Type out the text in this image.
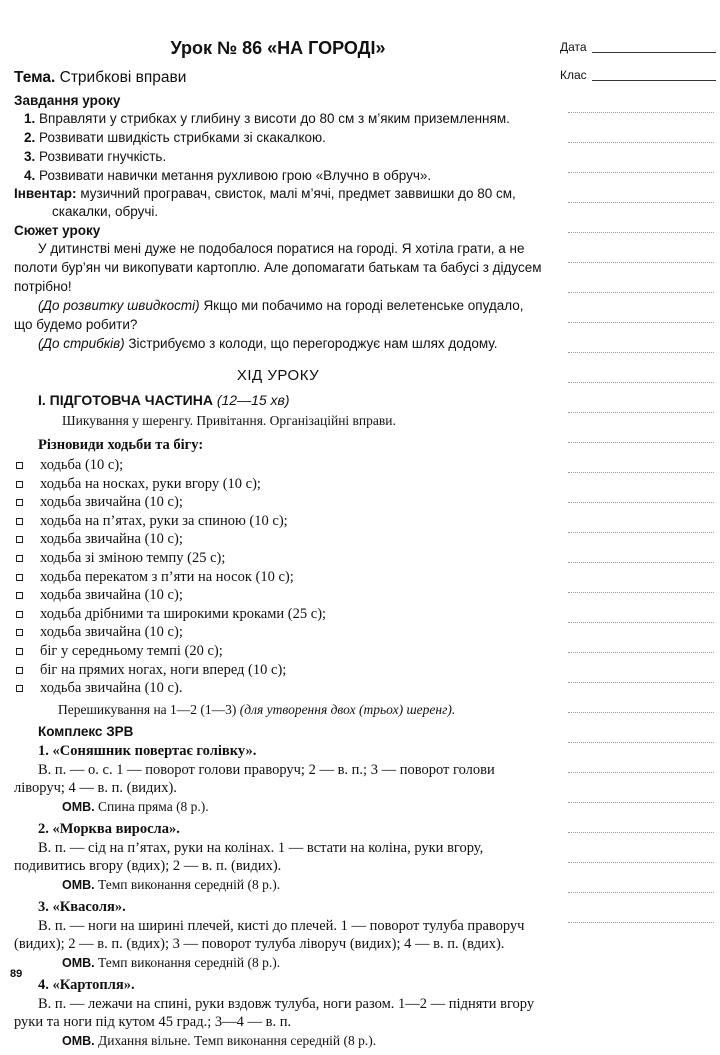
Урок № 86 «НА ГОРОДІ»
Тема. Стрибкові вправи
Завдання уроку
1. Вправляти у стрибках у глибину з висоти до 80 см з м’яким приземленням.
2. Розвивати швидкість стрибками зі скакалкою.
3. Розвивати гнучкість.
4. Розвивати навички метання рухливою грою «Влучно в обруч».
Інвентар: музичний програвач, свисток, малі м’ячі, предмет заввишки до 80 см, скакалки, обручі.
Сюжет уроку

У дитинстві мені дуже не подобалося поратися на городі. Я хотіла грати, а не полоти бур’ян чи викопувати картоплю. Але допомагати батькам та бабусі з дідусем потрібно!

(До розвитку швидкості) Якщо ми побачимо на городі велетенське опудало, що будемо робити?

(До стрибків) Зістрибуємо з колоди, що перегороджує нам шлях додому.

ХІД УРОКУ
І. ПІДГОТОВЧА ЧАСТИНА (12—15 хв)
Шикування у шеренгу. Привітання. Організаційні вправи.
Різновиди ходьби та бігу:
ходьба (10 с);
ходьба на носках, руки вгору (10 с);
ходьба звичайна (10 с);
ходьба на п’ятах, руки за спиною (10 с);
ходьба звичайна (10 с);
ходьба зі зміною темпу (25 с);
ходьба перекатом з п’яти на носок (10 с);
ходьба звичайна (10 с);
ходьба дрібними та широкими кроками (25 с);
ходьба звичайна (10 с);
біг у середньому темпі (20 с);
біг на прямих ногах, ноги вперед (10 с);
ходьба звичайна (10 с).
Перешикування на 1—2 (1—3) (для утворення двох (трьох) шеренг).
Комплекс ЗРВ
1. «Соняшник повертає голівку».

В. п. — о. с. 1 — поворот голови праворуч; 2 — в. п.; 3 — поворот голови ліворуч; 4 — в. п. (видих).

ОМВ. Спина пряма (8 р.).
2. «Морква виросла».

В. п. — сід на п’ятах, руки на колінах. 1 — встати на коліна, руки вгору, подивитись вгору (вдих); 2 — в. п. (видих).

ОМВ. Темп виконання середній (8 р.).
3. «Квасоля».

В. п. — ноги на ширині плечей, кисті до плечей. 1 — поворот тулуба праворуч (видих); 2 — в. п. (вдих); 3 — поворот тулуба ліворуч (видих); 4 — в. п. (вдих).

ОМВ. Темп виконання середній (8 р.).
4. «Картопля».

В. п. — лежачи на спині, руки вздовж тулуба, ноги разом. 1—2 — підняти вгору руки та ноги під кутом 45 град.; 3—4 — в. п.

ОМВ. Дихання вільне. Темп виконання середній (8 р.).
89
Дата
Клас
